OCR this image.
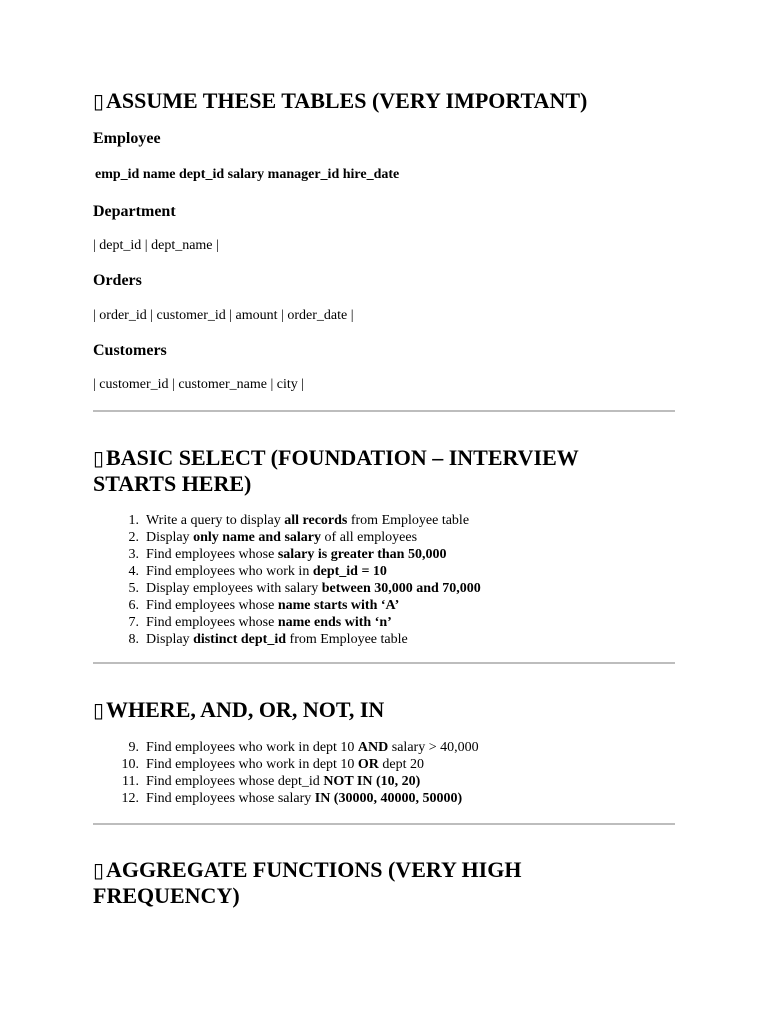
▯ASSUME THESE TABLES (VERY IMPORTANT)

Employee

emp_id name dept_id salary manager_id hire_date

Department

| dept_id | dept_name |

Orders

| order_id | customer_id | amount | order_date |

Customers

| customer_id | customer_name | city |

▯BASIC SELECT (FOUNDATION – INTERVIEW
STARTS HERE)
1. Write a query to display all records from Employee table
2. Display only name and salary of all employees
3. Find employees whose salary is greater than 50,000
4. Find employees who work in dept_id = 10
5. Display employees with salary between 30,000 and 70,000
6. Find employees whose name starts with ‘A’
7. Find employees whose name ends with ‘n’
8. Display distinct dept_id from Employee table
▯WHERE, AND, OR, NOT, IN
9. Find employees who work in dept 10 AND salary > 40,000
10. Find employees who work in dept 10 OR dept 20
11. Find employees whose dept_id NOT IN (10, 20)
12. Find employees whose salary IN (30000, 40000, 50000)
▯AGGREGATE FUNCTIONS (VERY HIGH
FREQUENCY)
